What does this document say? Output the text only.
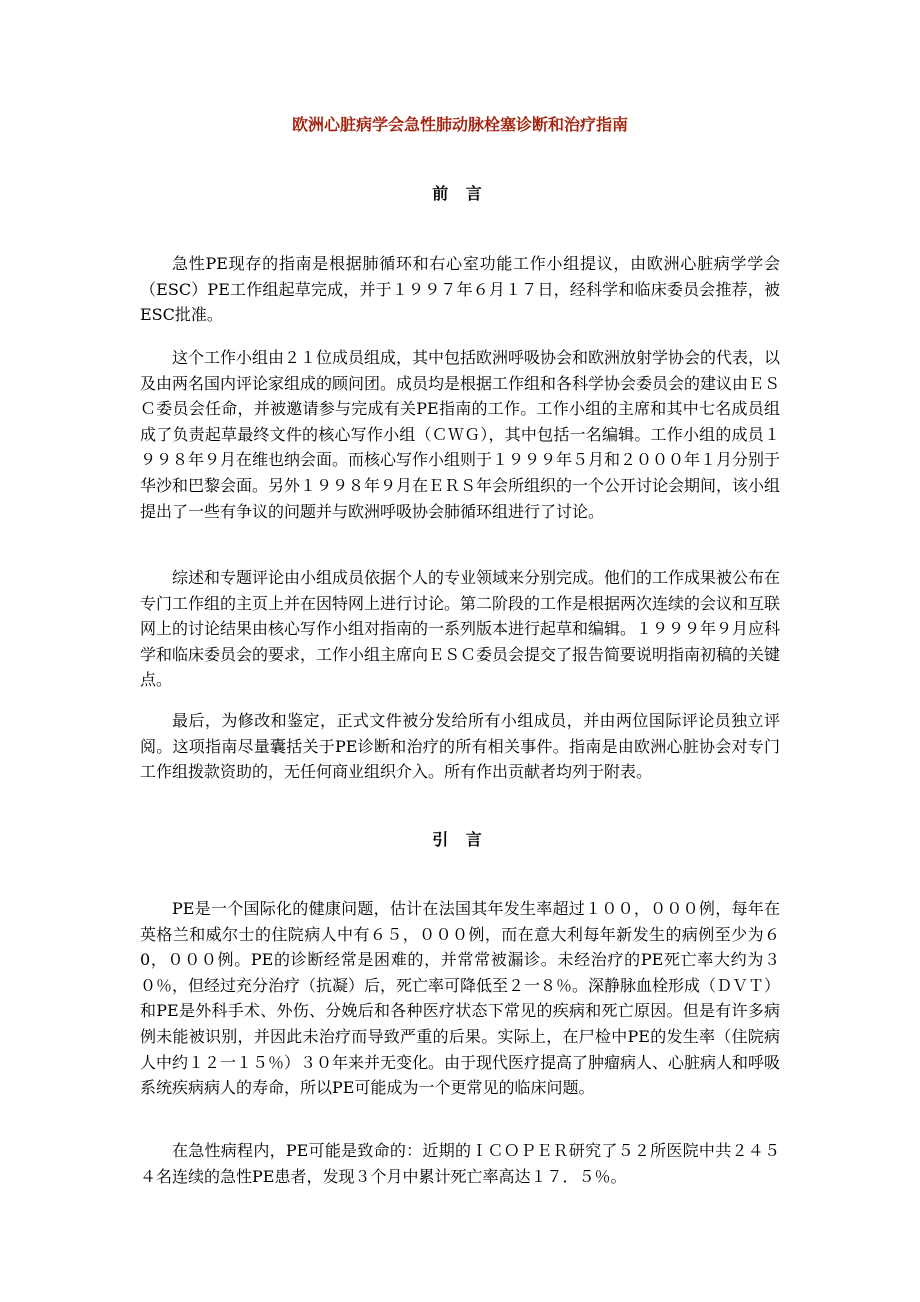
欧洲心脏病学会急性肺动脉栓塞诊断和治疗指南
前 言

急性PE现存的指南是根据肺循环和右心室功能工作小组提议，由欧洲心脏病学学会（ESC）PE工作组起草完成，并于１９９７年６月１７日，经科学和临床委员会推荐，被ESC批准。

这个工作小组由２１位成员组成，其中包括欧洲呼吸协会和欧洲放射学协会的代表，以及由两名国内评论家组成的顾问团。成员均是根据工作组和各科学协会委员会的建议由ＥＳＣ委员会任命，并被邀请参与完成有关PE指南的工作。工作小组的主席和其中七名成员组成了负责起草最终文件的核心写作小组（ＣＷＧ），其中包括一名编辑。工作小组的成员１９９８年９月在维也纳会面。而核心写作小组则于１９９９年５月和２０００年１月分别于华沙和巴黎会面。另外１９９８年９月在ＥＲＳ年会所组织的一个公开讨论会期间，该小组提出了一些有争议的问题并与欧洲呼吸协会肺循环组进行了讨论。

综述和专题评论由小组成员依据个人的专业领域来分别完成。他们的工作成果被公布在专门工作组的主页上并在因特网上进行讨论。第二阶段的工作是根据两次连续的会议和互联网上的讨论结果由核心写作小组对指南的一系列版本进行起草和编辑。１９９９年９月应科学和临床委员会的要求，工作小组主席向ＥＳＣ委员会提交了报告简要说明指南初稿的关键点。

最后，为修改和鉴定，正式文件被分发给所有小组成员，并由两位国际评论员独立评阅。这项指南尽量囊括关于PE诊断和治疗的所有相关事件。指南是由欧洲心脏协会对专门工作组拨款资助的，无任何商业组织介入。所有作出贡献者均列于附表。

引 言

PE是一个国际化的健康问题，估计在法国其年发生率超过１００，０００例，每年在英格兰和威尔士的住院病人中有６５，０００例，而在意大利每年新发生的病例至少为６0，０００例。PE的诊断经常是困难的，并常常被漏诊。未经治疗的PE死亡率大约为３０％，但经过充分治疗（抗凝）后，死亡率可降低至２一８％。深静脉血栓形成（ＤＶＴ）和PE是外科手术、外伤、分娩后和各种医疗状态下常见的疾病和死亡原因。但是有许多病例未能被识别，并因此未治疗而导致严重的后果。实际上，在尸检中PE的发生率（住院病人中约１２一１５％）３０年来并无变化。由于现代医疗提高了肿瘤病人、心脏病人和呼吸系统疾病病人的寿命，所以PE可能成为一个更常见的临床问题。

在急性病程内，PE可能是致命的：近期的ＩＣＯＰＥＲ研究了５２所医院中共２４５４名连续的急性PE患者，发现３个月中累计死亡率高达１７．５％。
